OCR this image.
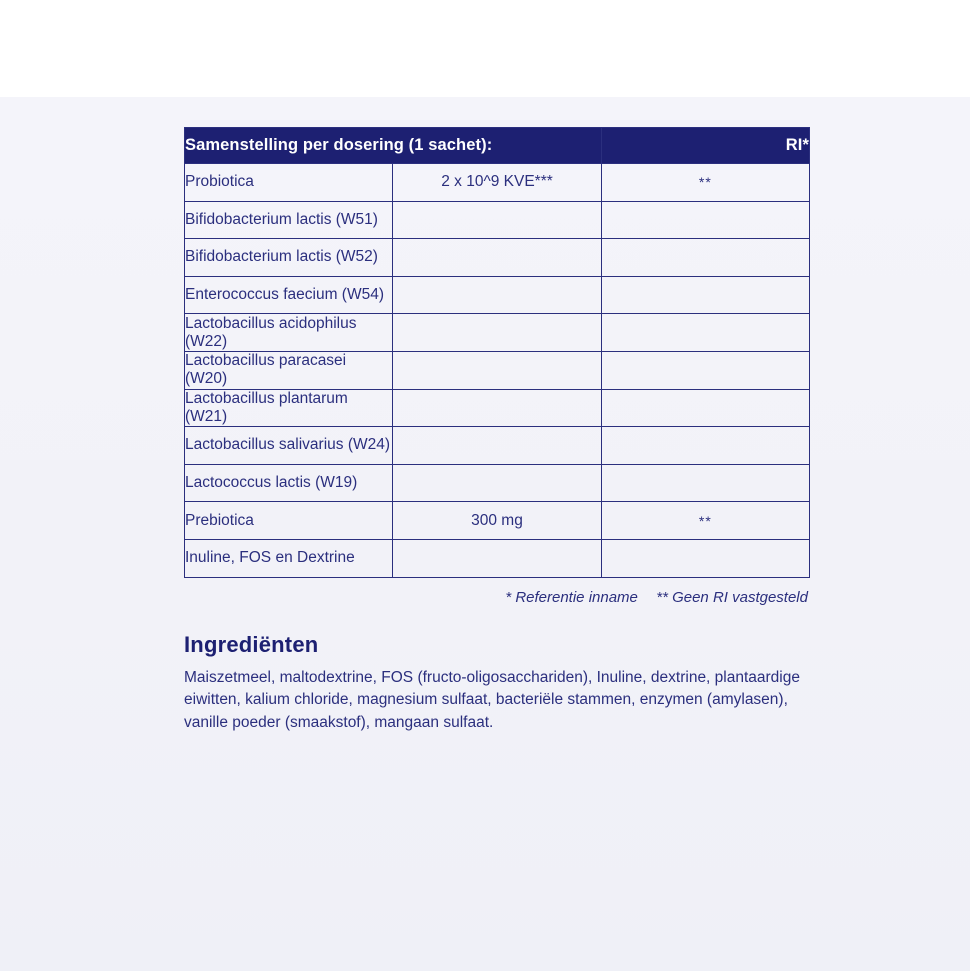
Samenstelling per dosering (1 sachet):		RI*
Probiotica	2 x 10^9 KVE***	**
Bifidobacterium lactis (W51)		
Bifidobacterium lactis (W52)		
Enterococcus faecium (W54)		
Lactobacillus acidophilus (W22)		
Lactobacillus paracasei (W20)		
Lactobacillus plantarum (W21)		
Lactobacillus salivarius (W24)		
Lactococcus lactis (W19)		
Prebiotica	300 mg	**
Inuline, FOS en Dextrine		
* Referentie inname ** Geen RI vastgesteld
Ingrediënten

Maiszetmeel, maltodextrine, FOS (fructo-oligosacchariden), Inuline, dextrine, plantaardige eiwitten, kalium chloride, magnesium sulfaat, bacteriële stammen, enzymen (amylasen), vanille poeder (smaakstof), mangaan sulfaat.
